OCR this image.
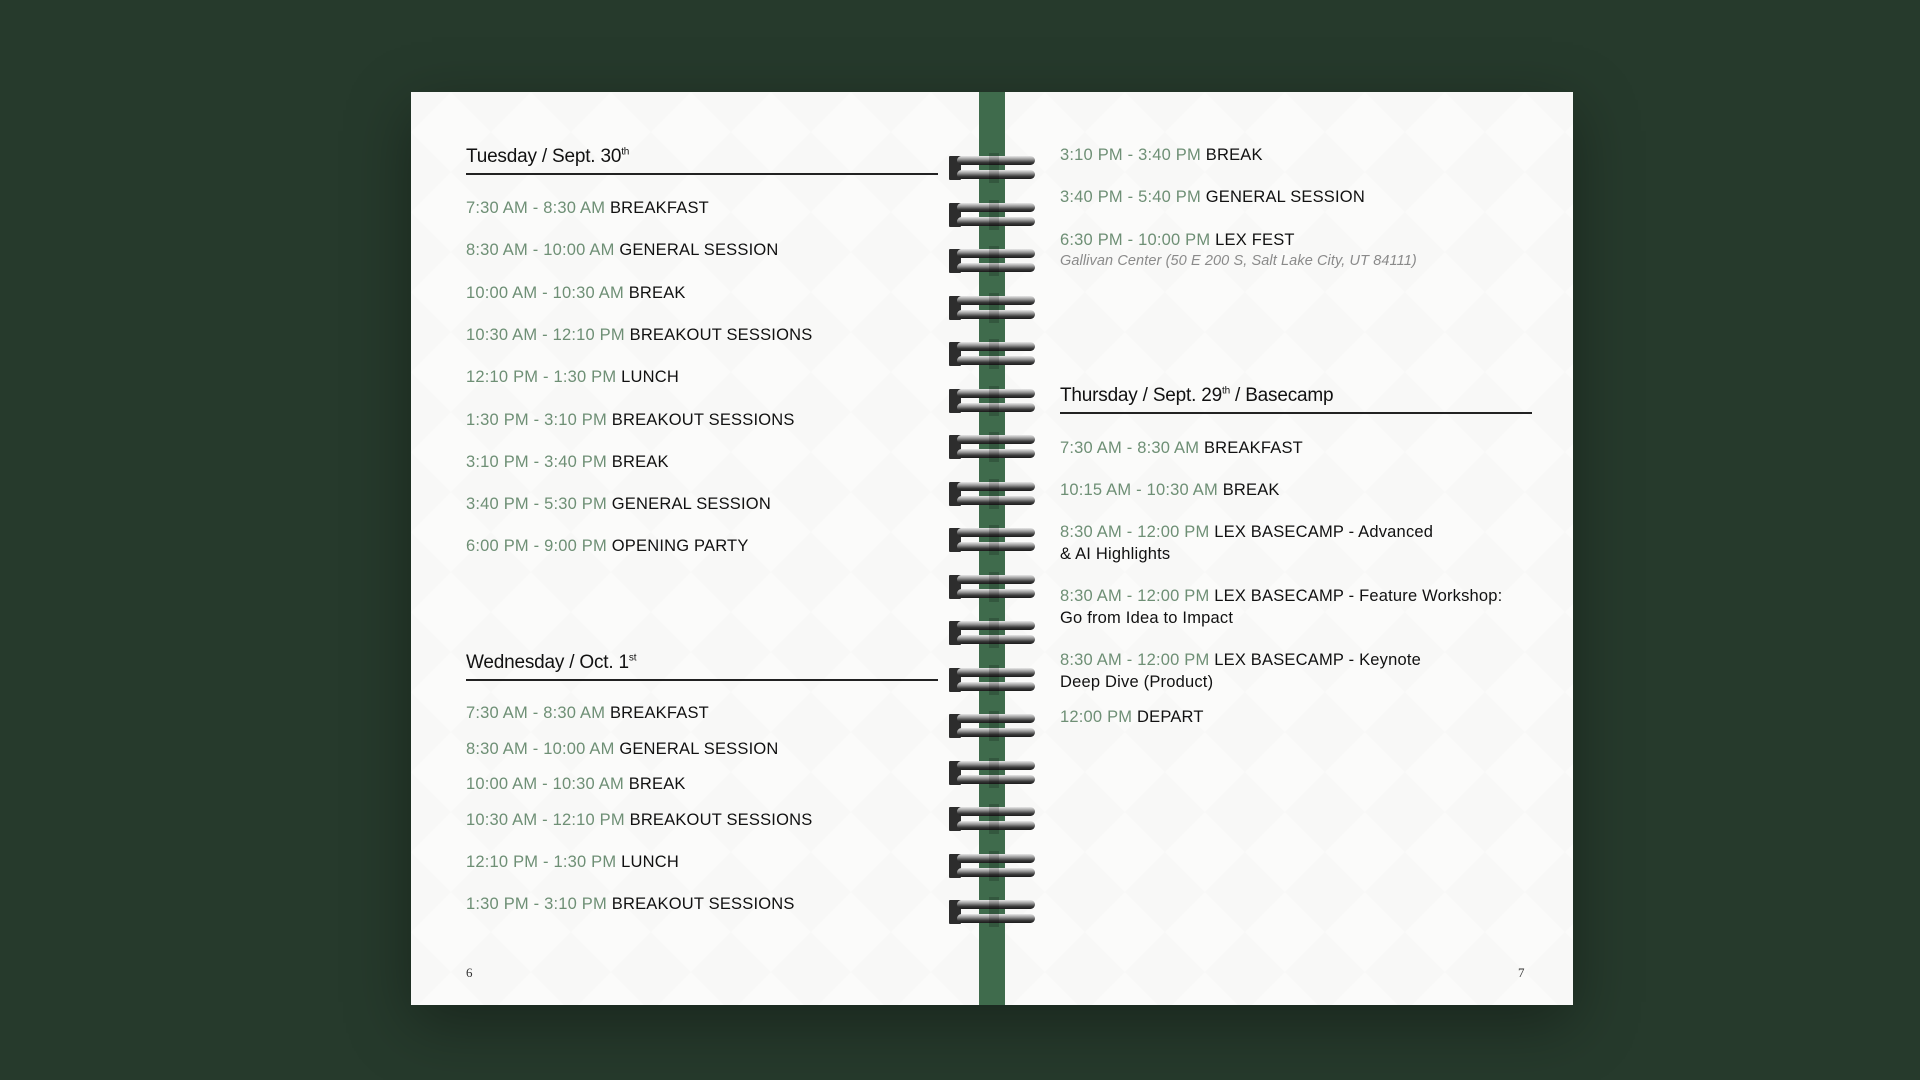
Tuesday / Sept. 30th
7:30 AM - 8:30 AM BREAKFAST
8:30 AM - 10:00 AM GENERAL SESSION
10:00 AM - 10:30 AM BREAK
10:30 AM - 12:10 PM BREAKOUT SESSIONS
12:10 PM - 1:30 PM LUNCH
1:30 PM - 3:10 PM BREAKOUT SESSIONS
3:10 PM - 3:40 PM BREAK
3:40 PM - 5:30 PM GENERAL SESSION
6:00 PM - 9:00 PM OPENING PARTY
Wednesday / Oct. 1st
7:30 AM - 8:30 AM BREAKFAST
8:30 AM - 10:00 AM GENERAL SESSION
10:00 AM - 10:30 AM BREAK
10:30 AM - 12:10 PM BREAKOUT SESSIONS
12:10 PM - 1:30 PM LUNCH
1:30 PM - 3:10 PM BREAKOUT SESSIONS
6
3:10 PM - 3:40 PM BREAK
3:40 PM - 5:40 PM GENERAL SESSION
6:30 PM - 10:00 PM LEX FEST
Gallivan Center (50 E 200 S, Salt Lake City, UT 84111)
Thursday / Sept. 29th / Basecamp
7:30 AM - 8:30 AM BREAKFAST
10:15 AM - 10:30 AM BREAK
8:30 AM - 12:00 PM LEX BASECAMP - Advanced
& AI Highlights
8:30 AM - 12:00 PM LEX BASECAMP - Feature Workshop:
Go from Idea to Impact
8:30 AM - 12:00 PM LEX BASECAMP - Keynote
Deep Dive (Product)
12:00 PM DEPART
7
